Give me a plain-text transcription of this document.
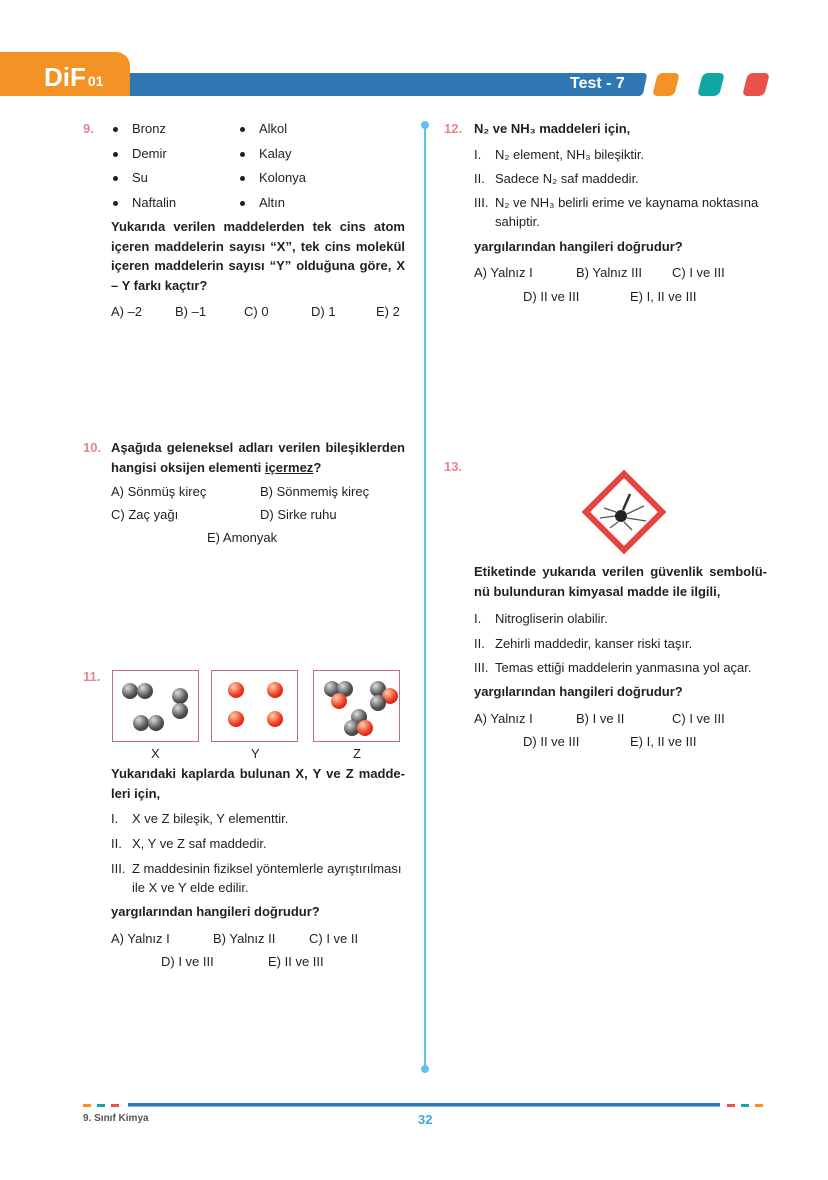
DiF 01	Test - 7
9.	Bronz
Demir
Su
Naftalin
Alkol
Kalay
Kolonya
Altın
Yukarıda verilen maddelerden tek cins atom içeren maddelerin sayısı “X”, tek cins molekül içeren maddelerin sayısı “Y” olduğuna göre, X – Y farkı kaçtır?
A) –2	B) –1	C) 0	D) 1	E) 2
10. Aşağıda geleneksel adları verilen bileşiklerden hangisi oksijen elementi içermez?
A) Sönmüş kireç	B) Sönmemiş kireç
C) Zaç yağı	D) Sirke ruhu
E) Amonyak
11.
X	Y	Z
Yukarıdaki kaplarda bulunan X, Y ve Z madde-leri için,
I. X ve Z bileşik, Y elementtir.
II. X, Y ve Z saf maddedir.
III. Z maddesinin fiziksel yöntemlerle ayrıştırılması
ile X ve Y elde edilir.
yargılarından hangileri doğrudur?
A) Yalnız I	B) Yalnız II	C) I ve II
D) I ve III	E) II ve III
12. N₂ ve NH₃ maddeleri için,
I. N₂ element, NH₃ bileşiktir.
II. Sadece N₂ saf maddedir.
III. N₂ ve NH₃ belirli erime ve kaynama noktasına
sahiptir.
yargılarından hangileri doğrudur?
A) Yalnız I	B) Yalnız III C) I ve III
D) II ve III	E) I, II ve III
13.
Etiketinde yukarıda verilen güvenlik sembolü-nü bulunduran kimyasal madde ile ilgili,
I. Nitrogliserin olabilir.
II. Zehirli maddedir, kanser riski taşır.
III. Temas ettiği maddelerin yanmasına yol açar.
yargılarından hangileri doğrudur?
A) Yalnız I	B) I ve II	C) I ve III
D) II ve III	E) I, II ve III
9. Sınıf Kimya	32
